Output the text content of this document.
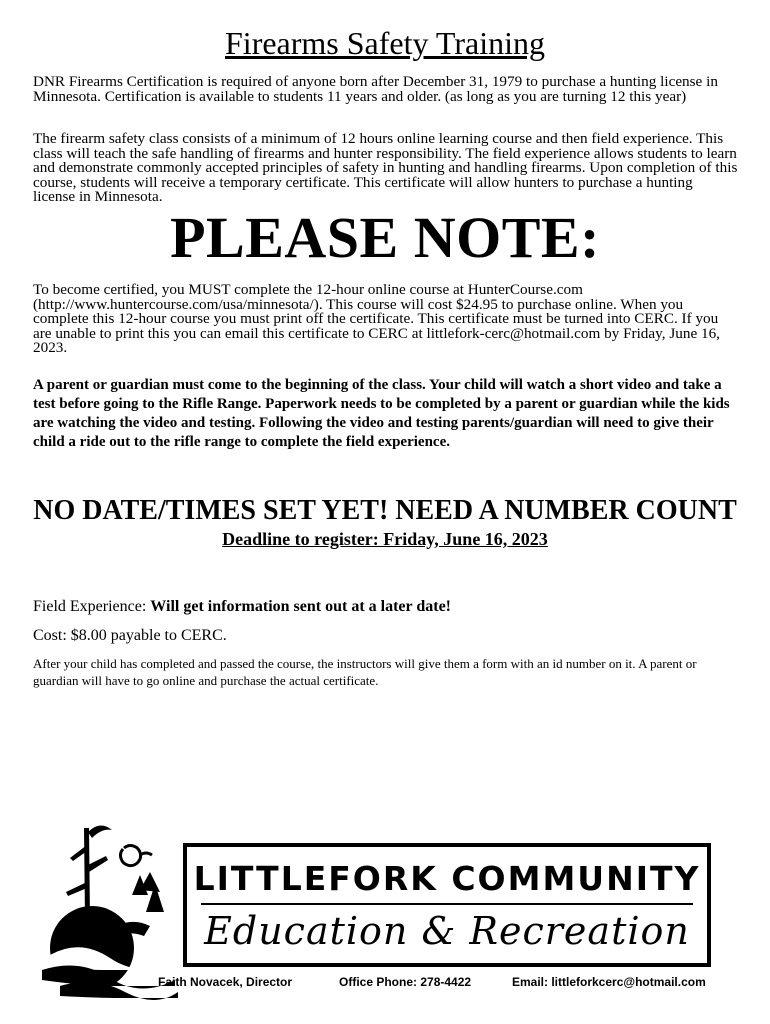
Firearms Safety Training
DNR Firearms Certification is required of anyone born after December 31, 1979 to purchase a hunting license in Minnesota. Certification is available to students 11 years and older. (as long as you are turning 12 this year)
The firearm safety class consists of a minimum of 12 hours online learning course and then field experience. This class will teach the safe handling of firearms and hunter responsibility. The field experience allows students to learn and demonstrate commonly accepted principles of safety in hunting and handling firearms. Upon completion of this course, students will receive a temporary certificate. This certificate will allow hunters to purchase a hunting license in Minnesota.
PLEASE NOTE:
To become certified, you MUST complete the 12-hour online course at HunterCourse.com (http://www.huntercourse.com/usa/minnesota/). This course will cost $24.95 to purchase online. When you complete this 12-hour course you must print off the certificate. This certificate must be turned into CERC. If you are unable to print this you can email this certificate to CERC at littlefork-cerc@hotmail.com by Friday, June 16, 2023.
A parent or guardian must come to the beginning of the class. Your child will watch a short video and take a test before going to the Rifle Range. Paperwork needs to be completed by a parent or guardian while the kids are watching the video and testing. Following the video and testing parents/guardian will need to give their child a ride out to the rifle range to complete the field experience.
NO DATE/TIMES SET YET! NEED A NUMBER COUNT
Deadline to register: Friday, June 16, 2023
Field Experience: Will get information sent out at a later date!
Cost: $8.00 payable to CERC.
After your child has completed and passed the course, the instructors will give them a form with an id number on it. A parent or guardian will have to go online and purchase the actual certificate.
LITTLEFORK COMMUNITY
Education & Recreation
Faith Novacek, Director	Office Phone: 278-4422	Email: littleforkcerc@hotmail.com
